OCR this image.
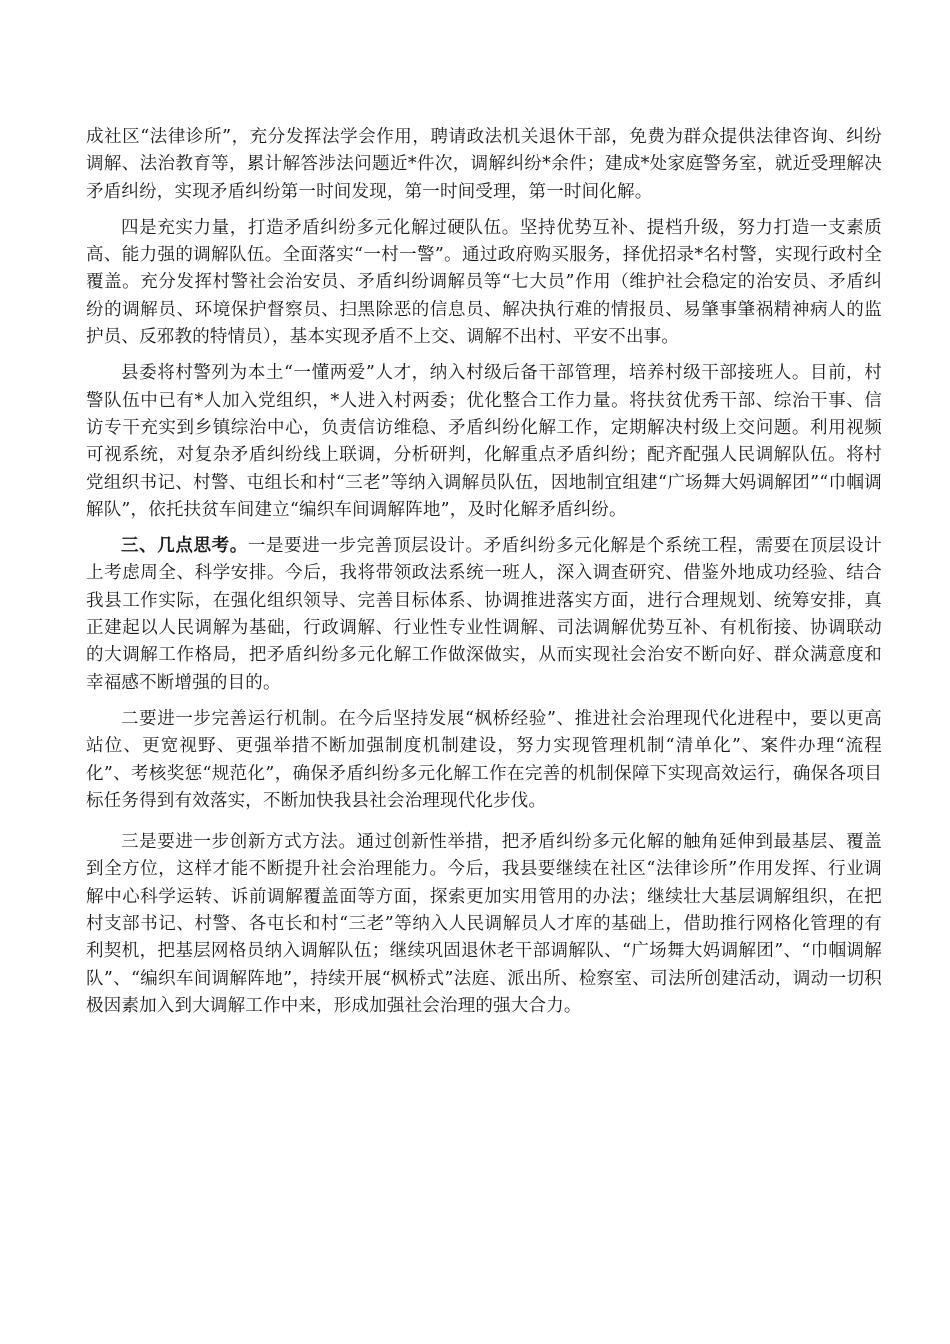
成社区“法律诊所”，充分发挥法学会作用，聘请政法机关退休干部，免费为群众提供法律咨询、纠纷调解、法治教育等，累计解答涉法问题近*件次，调解纠纷*余件；建成*处家庭警务室，就近受理解决矛盾纠纷，实现矛盾纠纷第一时间发现，第一时间受理，第一时间化解。

四是充实力量，打造矛盾纠纷多元化解过硬队伍。坚持优势互补、提档升级，努力打造一支素质高、能力强的调解队伍。全面落实“一村一警”。通过政府购买服务，择优招录*名村警，实现行政村全覆盖。充分发挥村警社会治安员、矛盾纠纷调解员等“七大员”作用（维护社会稳定的治安员、矛盾纠纷的调解员、环境保护督察员、扫黑除恶的信息员、解决执行难的情报员、易肇事肇祸精神病人的监护员、反邪教的特情员），基本实现矛盾不上交、调解不出村、平安不出事。

县委将村警列为本土“一懂两爱”人才，纳入村级后备干部管理，培养村级干部接班人。目前，村警队伍中已有*人加入党组织，*人进入村两委；优化整合工作力量。将扶贫优秀干部、综治干事、信访专干充实到乡镇综治中心，负责信访维稳、矛盾纠纷化解工作，定期解决村级上交问题。利用视频可视系统，对复杂矛盾纠纷线上联调，分析研判，化解重点矛盾纠纷；配齐配强人民调解队伍。将村党组织书记、村警、屯组长和村“三老”等纳入调解员队伍，因地制宜组建“广场舞大妈调解团”“巾帼调解队”，依托扶贫车间建立“编织车间调解阵地”，及时化解矛盾纠纷。

三、几点思考。一是要进一步完善顶层设计。矛盾纠纷多元化解是个系统工程，需要在顶层设计上考虑周全、科学安排。今后，我将带领政法系统一班人，深入调查研究、借鉴外地成功经验、结合我县工作实际，在强化组织领导、完善目标体系、协调推进落实方面，进行合理规划、统筹安排，真正建起以人民调解为基础，行政调解、行业性专业性调解、司法调解优势互补、有机衔接、协调联动的大调解工作格局，把矛盾纠纷多元化解工作做深做实，从而实现社会治安不断向好、群众满意度和幸福感不断增强的目的。

二要进一步完善运行机制。在今后坚持发展“枫桥经验”、推进社会治理现代化进程中，要以更高站位、更宽视野、更强举措不断加强制度机制建设，努力实现管理机制“清单化”、案件办理“流程化”、考核奖惩“规范化”，确保矛盾纠纷多元化解工作在完善的机制保障下实现高效运行，确保各项目标任务得到有效落实，不断加快我县社会治理现代化步伐。

三是要进一步创新方式方法。通过创新性举措，把矛盾纠纷多元化解的触角延伸到最基层、覆盖到全方位，这样才能不断提升社会治理能力。今后，我县要继续在社区“法律诊所”作用发挥、行业调解中心科学运转、诉前调解覆盖面等方面，探索更加实用管用的办法；继续壮大基层调解组织，在把村支部书记、村警、各屯长和村“三老”等纳入人民调解员人才库的基础上，借助推行网格化管理的有利契机，把基层网格员纳入调解队伍；继续巩固退休老干部调解队、“广场舞大妈调解团”、“巾帼调解队”、“编织车间调解阵地”，持续开展“枫桥式”法庭、派出所、检察室、司法所创建活动，调动一切积极因素加入到大调解工作中来，形成加强社会治理的强大合力。
